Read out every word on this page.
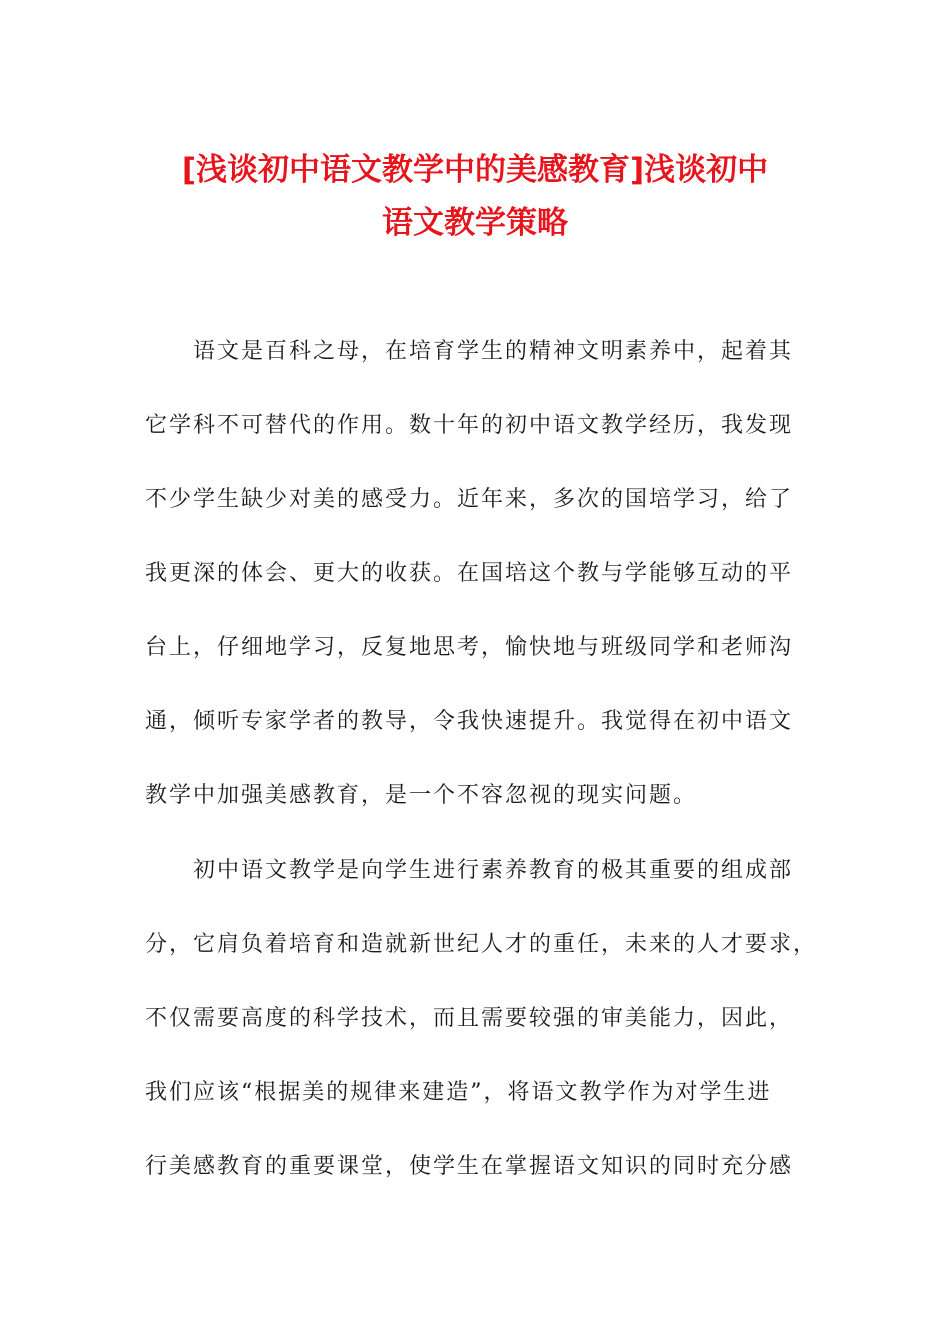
[浅谈初中语文教学中的美感教育]浅谈初中
语文教学策略
语文是百科之母，在培育学生的精神文明素养中，起着其
它学科不可替代的作用。数十年的初中语文教学经历，我发现
不少学生缺少对美的感受力。近年来，多次的国培学习，给了
我更深的体会、更大的收获。在国培这个教与学能够互动的平
台上，仔细地学习，反复地思考，愉快地与班级同学和老师沟
通，倾听专家学者的教导，令我快速提升。我觉得在初中语文
教学中加强美感教育，是一个不容忽视的现实问题。
初中语文教学是向学生进行素养教育的极其重要的组成部
分，它肩负着培育和造就新世纪人才的重任，未来的人才要求，
不仅需要高度的科学技术，而且需要较强的审美能力，因此，
我们应该“根据美的规律来建造”，将语文教学作为对学生进
行美感教育的重要课堂，使学生在掌握语文知识的同时充分感
